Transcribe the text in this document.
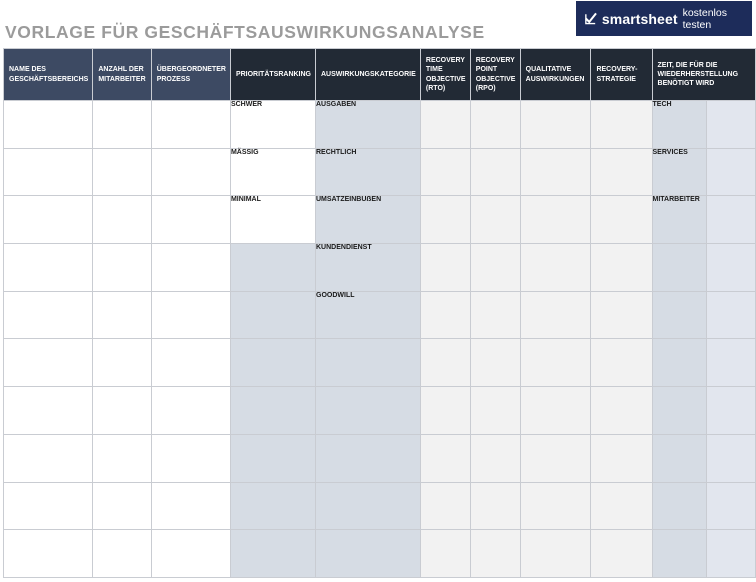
VORLAGE FÜR GESCHÄFTSAUSWIRKUNGSANALYSE
smartsheet kostenlos testen
NAME DES GESCHÄFTSBEREICHS	ANZAHL DER MITARBEITER	ÜBERGEORDNETER PROZESS	PRIORITÄTSRANKING	AUSWIRKUNGSKATEGORIE	RECOVERY TIME OBJECTIVE (RTO)	RECOVERY POINT OBJECTIVE (RPO)	QUALITATIVE AUSWIRKUNGEN	RECOVERY-STRATEGIE	ZEIT, DIE FÜR DIE WIEDERHERSTELLUNG BENÖTIGT WIRD	
			SCHWER	AUSGABEN					TECH	
			MÄSSIG	RECHTLICH					SERVICES	
			MINIMAL	UMSATZEINBUẞEN					MITARBEITER	
				KUNDENDIENST						
				GOODWILL						
